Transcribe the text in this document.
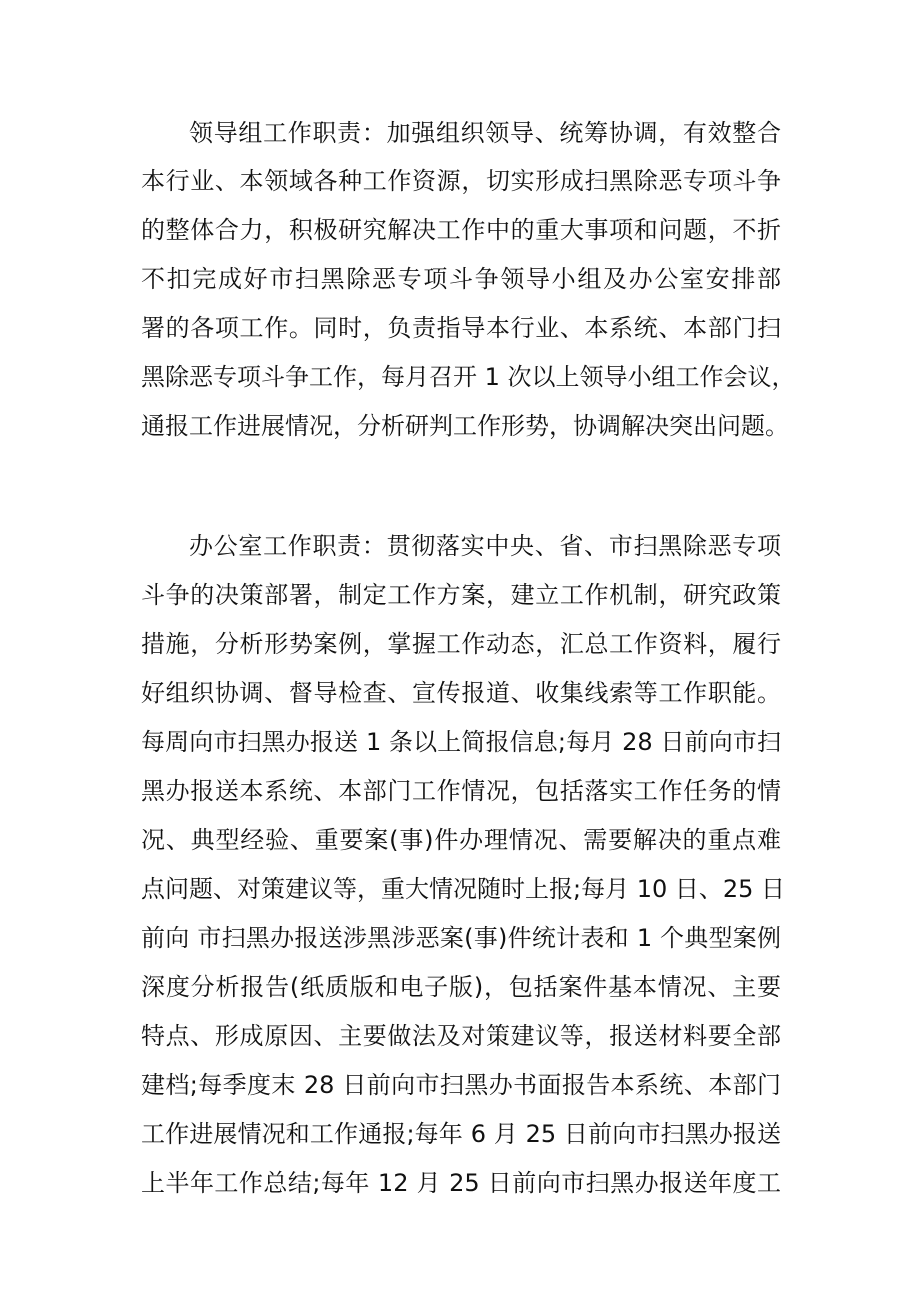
领导组工作职责：加强组织领导、统筹协调，有效整合
本行业、本领域各种工作资源，切实形成扫黑除恶专项斗争
的整体合力，积极研究解决工作中的重大事项和问题，不折
不扣完成好市扫黑除恶专项斗争领导小组及办公室安排部
署的各项工作。同时，负责指导本行业、本系统、本部门扫
黑除恶专项斗争工作，每月召开 1 次以上领导小组工作会议，
通报工作进展情况，分析研判工作形势，协调解决突出问题。
办公室工作职责：贯彻落实中央、省、市扫黑除恶专项
斗争的决策部署，制定工作方案，建立工作机制，研究政策
措施，分析形势案例，掌握工作动态，汇总工作资料，履行
好组织协调、督导检查、宣传报道、收集线索等工作职能。
每周向市扫黑办报送 1 条以上简报信息;每月 28 日前向市扫
黑办报送本系统、本部门工作情况，包括落实工作任务的情
况、典型经验、重要案(事)件办理情况、需要解决的重点难
点问题、对策建议等，重大情况随时上报;每月 10 日、25 日
前向 市扫黑办报送涉黑涉恶案(事)件统计表和 1 个典型案例
深度分析报告(纸质版和电子版)，包括案件基本情况、主要
特点、形成原因、主要做法及对策建议等，报送材料要全部
建档;每季度末 28 日前向市扫黑办书面报告本系统、本部门
工作进展情况和工作通报;每年 6 月 25 日前向市扫黑办报送
上半年工作总结;每年 12 月 25 日前向市扫黑办报送年度工
